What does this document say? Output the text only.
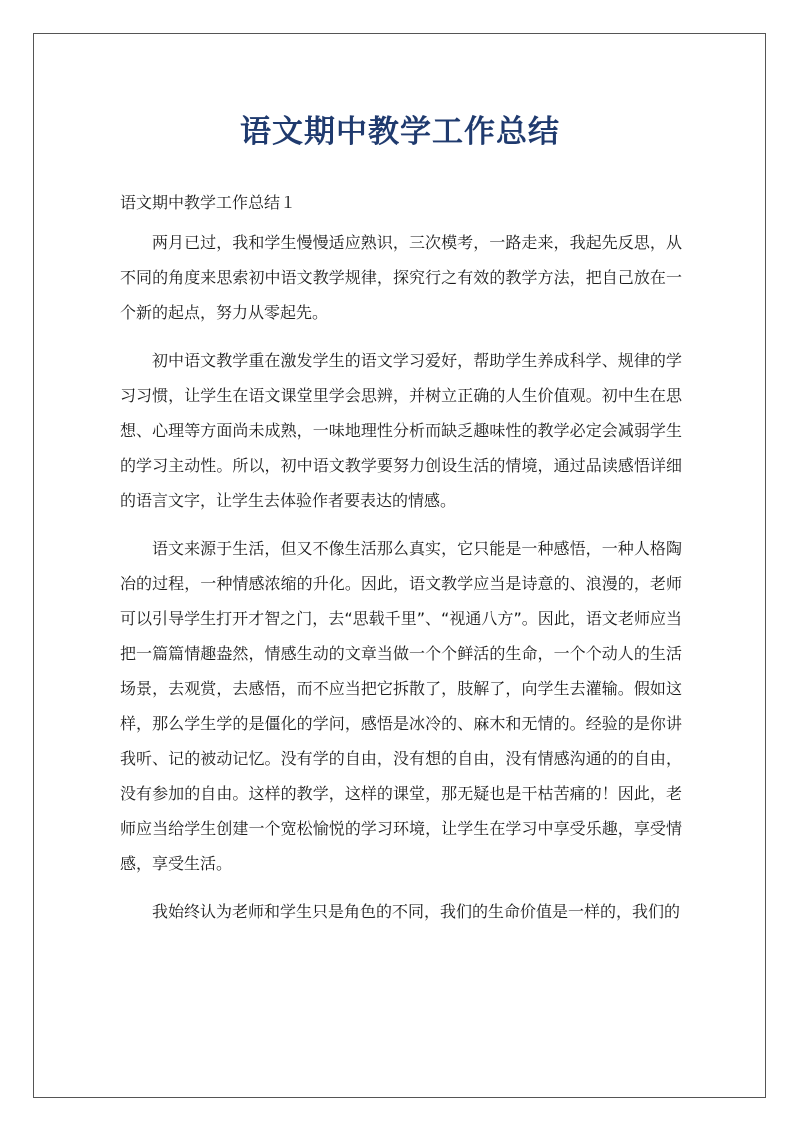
语文期中教学工作总结

语文期中教学工作总结１

两月已过，我和学生慢慢适应熟识，三次模考，一路走来，我起先反思，从不同的角度来思索初中语文教学规律，探究行之有效的教学方法，把自己放在一个新的起点，努力从零起先。

初中语文教学重在激发学生的语文学习爱好，帮助学生养成科学、规律的学习习惯，让学生在语文课堂里学会思辨，并树立正确的人生价值观。初中生在思想、心理等方面尚未成熟，一味地理性分析而缺乏趣味性的教学必定会减弱学生的学习主动性。所以，初中语文教学要努力创设生活的情境，通过品读感悟详细的语言文字，让学生去体验作者要表达的情感。

语文来源于生活，但又不像生活那么真实，它只能是一种感悟，一种人格陶冶的过程，一种情感浓缩的升化。因此，语文教学应当是诗意的、浪漫的，老师可以引导学生打开才智之门，去“思载千里”、“视通八方”。因此，语文老师应当把一篇篇情趣盎然，情感生动的文章当做一个个鲜活的生命，一个个动人的生活场景，去观赏，去感悟，而不应当把它拆散了，肢解了，向学生去灌输。假如这样，那么学生学的是僵化的学问，感悟是冰冷的、麻木和无情的。经验的是你讲我听、记的被动记忆。没有学的自由，没有想的自由，没有情感沟通的的自由，没有参加的自由。这样的教学，这样的课堂，那无疑也是干枯苦痛的！因此，老师应当给学生创建一个宽松愉悦的学习环境，让学生在学习中享受乐趣，享受情感，享受生活。

我始终认为老师和学生只是角色的不同，我们的生命价值是一样的，我们的
